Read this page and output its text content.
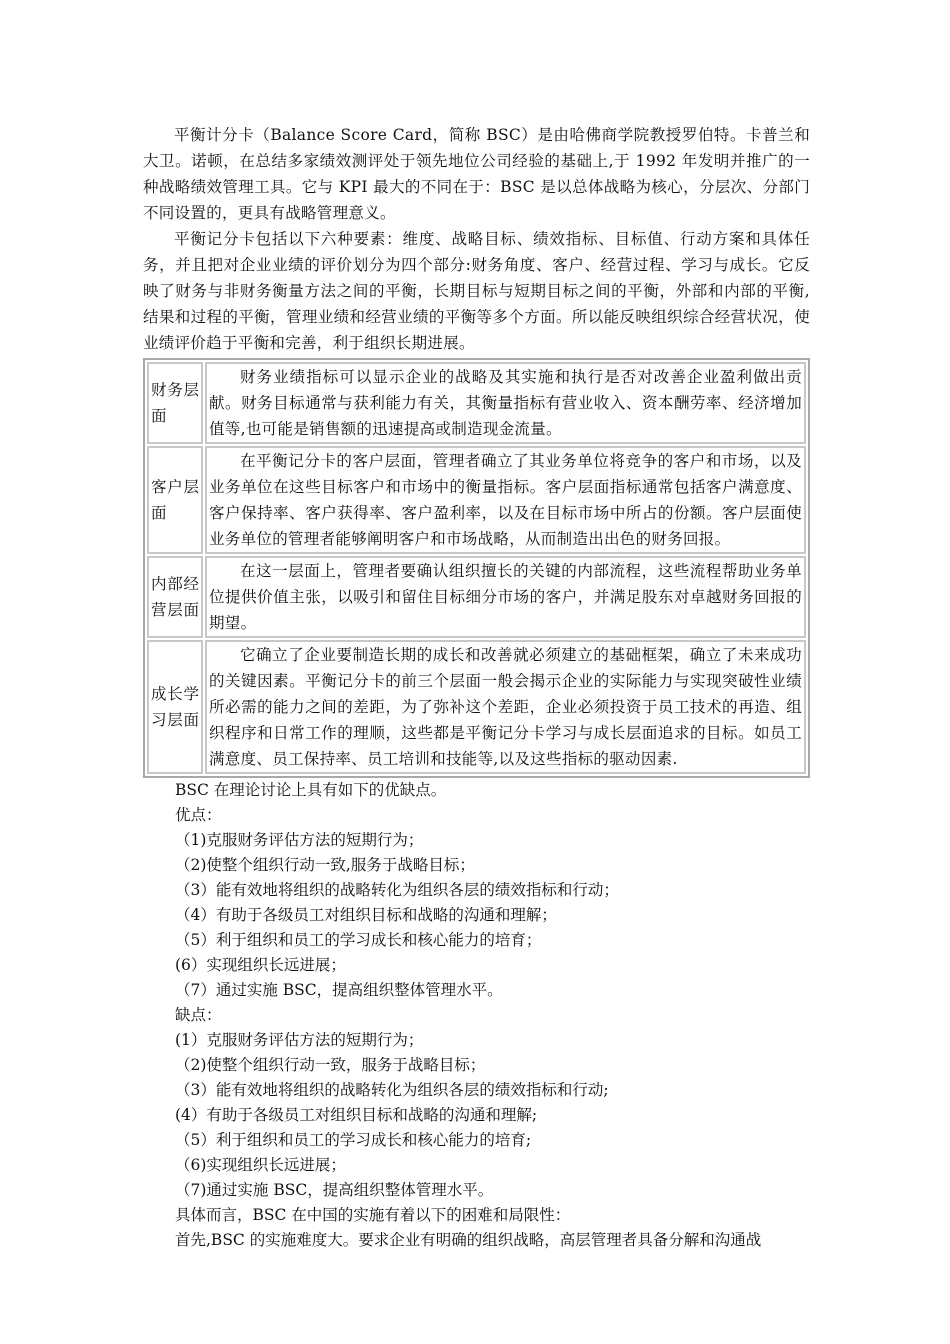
平衡计分卡（Balance Score Card，简称 BSC）是由哈佛商学院教授罗伯特。卡普兰和大卫。诺顿，在总结多家绩效测评处于领先地位公司经验的基础上,于 1992 年发明并推广的一种战略绩效管理工具。它与 KPI 最大的不同在于：BSC 是以总体战略为核心，分层次、分部门不同设置的，更具有战略管理意义。

平衡记分卡包括以下六种要素：维度、战略目标、绩效指标、目标值、行动方案和具体任务，并且把对企业业绩的评价划分为四个部分:财务角度、客户、经营过程、学习与成长。它反映了财务与非财务衡量方法之间的平衡，长期目标与短期目标之间的平衡，外部和内部的平衡,结果和过程的平衡，管理业绩和经营业绩的平衡等多个方面。所以能反映组织综合经营状况，使业绩评价趋于平衡和完善，利于组织长期进展。

财务层面	财务业绩指标可以显示企业的战略及其实施和执行是否对改善企业盈利做出贡献。财务目标通常与获利能力有关，其衡量指标有营业收入、资本酬劳率、经济增加值等,也可能是销售额的迅速提高或制造现金流量。
客户层面	在平衡记分卡的客户层面，管理者确立了其业务单位将竞争的客户和市场，以及业务单位在这些目标客户和市场中的衡量指标。客户层面指标通常包括客户满意度、客户保持率、客户获得率、客户盈利率，以及在目标市场中所占的份额。客户层面使业务单位的管理者能够阐明客户和市场战略，从而制造出出色的财务回报。
内部经营层面	在这一层面上，管理者要确认组织擅长的关键的内部流程，这些流程帮助业务单位提供价值主张，以吸引和留住目标细分市场的客户，并满足股东对卓越财务回报的期望。
成长学习层面	它确立了企业要制造长期的成长和改善就必须建立的基础框架，确立了未来成功的关键因素。平衡记分卡的前三个层面一般会揭示企业的实际能力与实现突破性业绩所必需的能力之间的差距，为了弥补这个差距，企业必须投资于员工技术的再造、组织程序和日常工作的理顺，这些都是平衡记分卡学习与成长层面追求的目标。如员工满意度、员工保持率、员工培训和技能等,以及这些指标的驱动因素.
BSC 在理论讨论上具有如下的优缺点。
优点：
（1)克服财务评估方法的短期行为；
（2)使整个组织行动一致,服务于战略目标；
（3）能有效地将组织的战略转化为组织各层的绩效指标和行动；
（4）有助于各级员工对组织目标和战略的沟通和理解；
（5）利于组织和员工的学习成长和核心能力的培育；
(6）实现组织长远进展；
（7）通过实施 BSC，提高组织整体管理水平。
缺点：
(1）克服财务评估方法的短期行为；
（2)使整个组织行动一致，服务于战略目标；
（3）能有效地将组织的战略转化为组织各层的绩效指标和行动;
(4）有助于各级员工对组织目标和战略的沟通和理解;
（5）利于组织和员工的学习成长和核心能力的培育;
（6)实现组织长远进展；
（7)通过实施 BSC，提高组织整体管理水平。
具体而言，BSC 在中国的实施有着以下的困难和局限性：
首先,BSC 的实施难度大。要求企业有明确的组织战略，高层管理者具备分解和沟通战
